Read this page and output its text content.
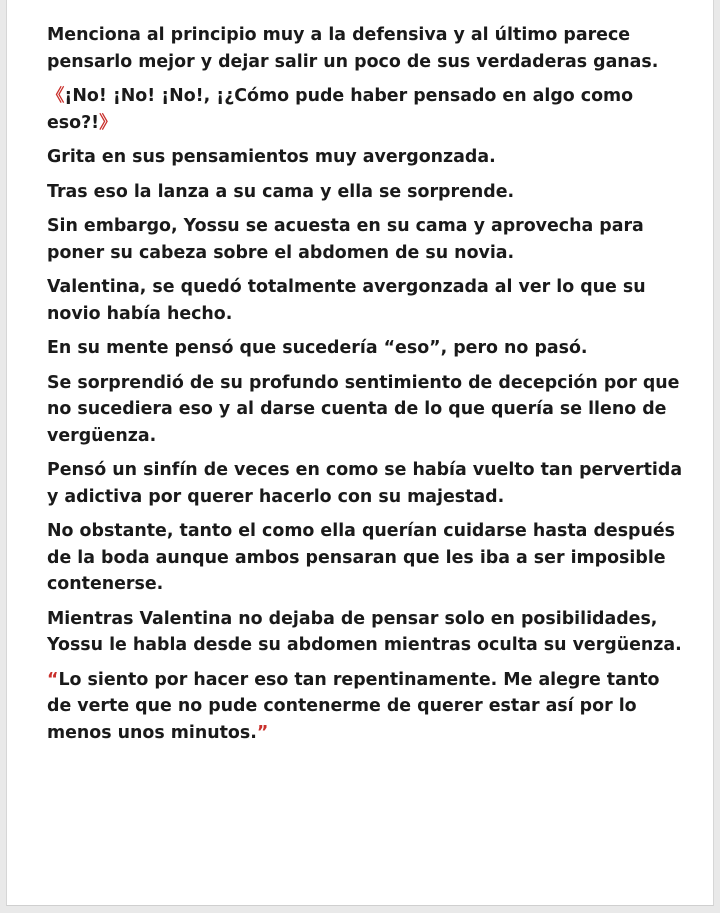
Menciona al principio muy a la defensiva y al último parece pensarlo mejor y dejar salir un poco de sus verdaderas ganas.

《¡No! ¡No! ¡No!, ¡¿Cómo pude haber pensado en algo como eso?!》

Grita en sus pensamientos muy avergonzada.

Tras eso la lanza a su cama y ella se sorprende.

Sin embargo, Yossu se acuesta en su cama y aprovecha para poner su cabeza sobre el abdomen de su novia.

Valentina, se quedó totalmente avergonzada al ver lo que su novio había hecho.

En su mente pensó que sucedería “eso”, pero no pasó.

Se sorprendió de su profundo sentimiento de decepción por que no sucediera eso y al darse cuenta de lo que quería se lleno de vergüenza.

Pensó un sinfín de veces en como se había vuelto tan pervertida y adictiva por querer hacerlo con su majestad.

No obstante, tanto el como ella querían cuidarse hasta después de la boda aunque ambos pensaran que les iba a ser imposible contenerse.

Mientras Valentina no dejaba de pensar solo en posibilidades, Yossu le habla desde su abdomen mientras oculta su vergüenza.

“Lo siento por hacer eso tan repentinamente. Me alegre tanto de verte que no pude contenerme de querer estar así por lo menos unos minutos.”
